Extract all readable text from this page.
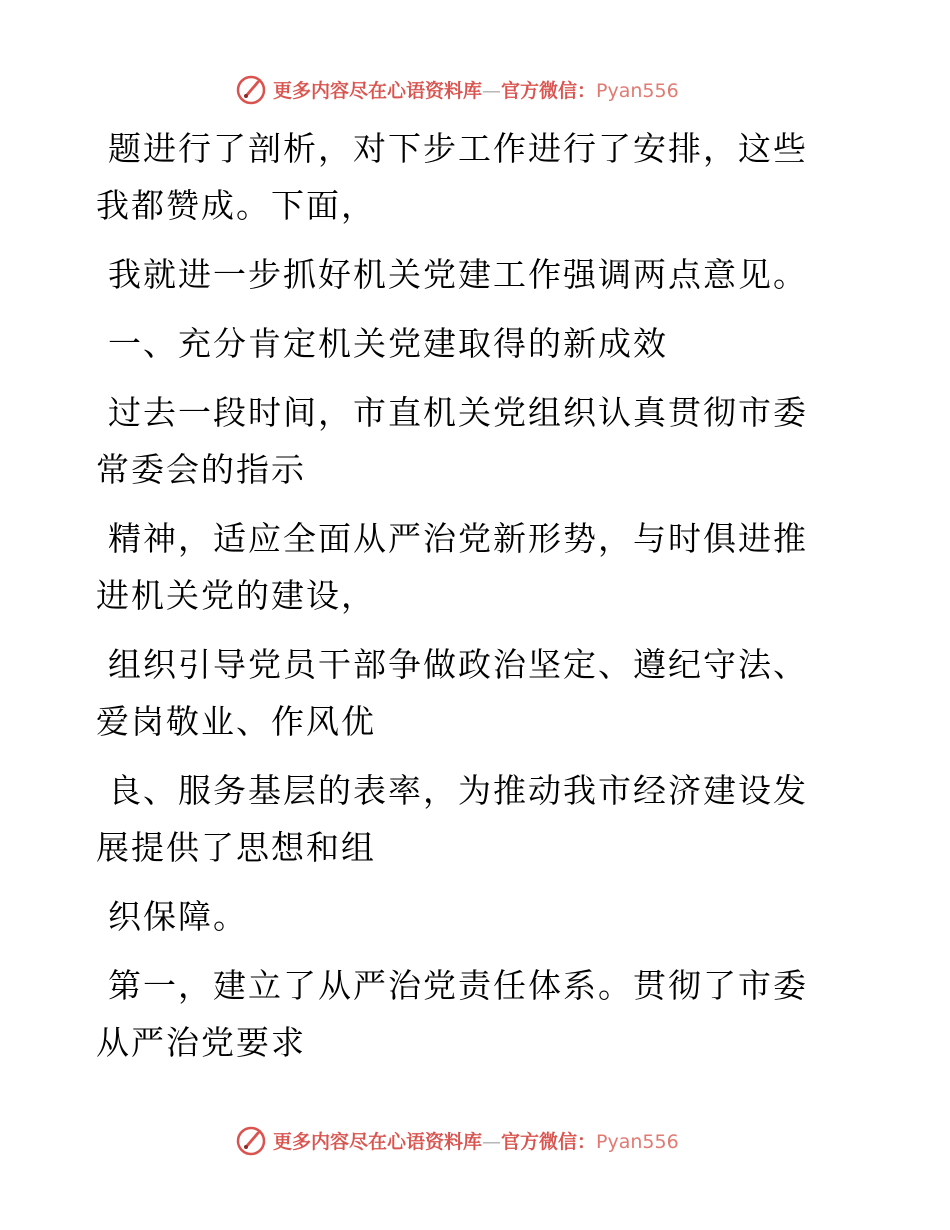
更多内容尽在心语资料库—官方微信：Pyan556

题进行了剖析，对下步工作进行了安排，这些我都赞成。下面，

我就进一步抓好机关党建工作强调两点意见。

一、充分肯定机关党建取得的新成效

过去一段时间，市直机关党组织认真贯彻市委常委会的指示

精神，适应全面从严治党新形势，与时俱进推进机关党的建设，

组织引导党员干部争做政治坚定、遵纪守法、爱岗敬业、作风优

良、服务基层的表率，为推动我市经济建设发展提供了思想和组

织保障。

第一，建立了从严治党责任体系。贯彻了市委从严治党要求

更多内容尽在心语资料库—官方微信：Pyan556
